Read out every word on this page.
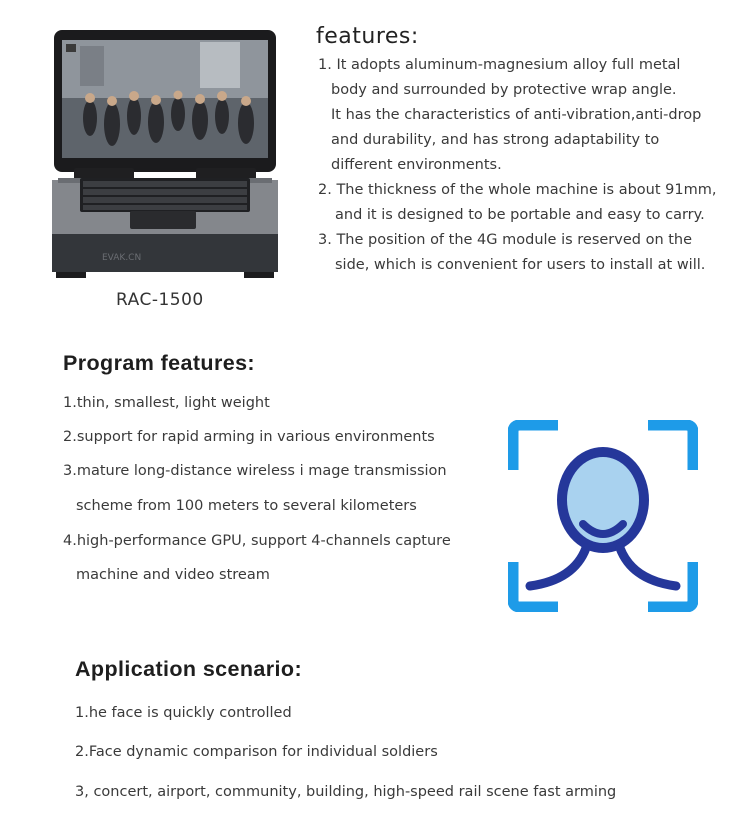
EVAK.CN
RAC-1500
features:
1. It adopts aluminum-magnesium alloy full metal
body and surrounded by protective wrap angle.
It has the characteristics of anti-vibration,anti-drop
and durability, and has strong adaptability to
different environments.
2. The thickness of the whole machine is about 91mm,
and it is designed to be portable and easy to carry.
3. The position of the 4G module is reserved on the
side, which is convenient for users to install at will.
Program features:
1.thin, smallest, light weight
2.support for rapid arming in various environments
3.mature long-distance wireless i mage transmission
scheme from 100 meters to several kilometers
4.high-performance GPU, support 4-channels capture
machine and video stream
Application scenario:
1.he face is quickly controlled
2.Face dynamic comparison for individual soldiers
3, concert, airport, community, building, high-speed rail scene fast arming
